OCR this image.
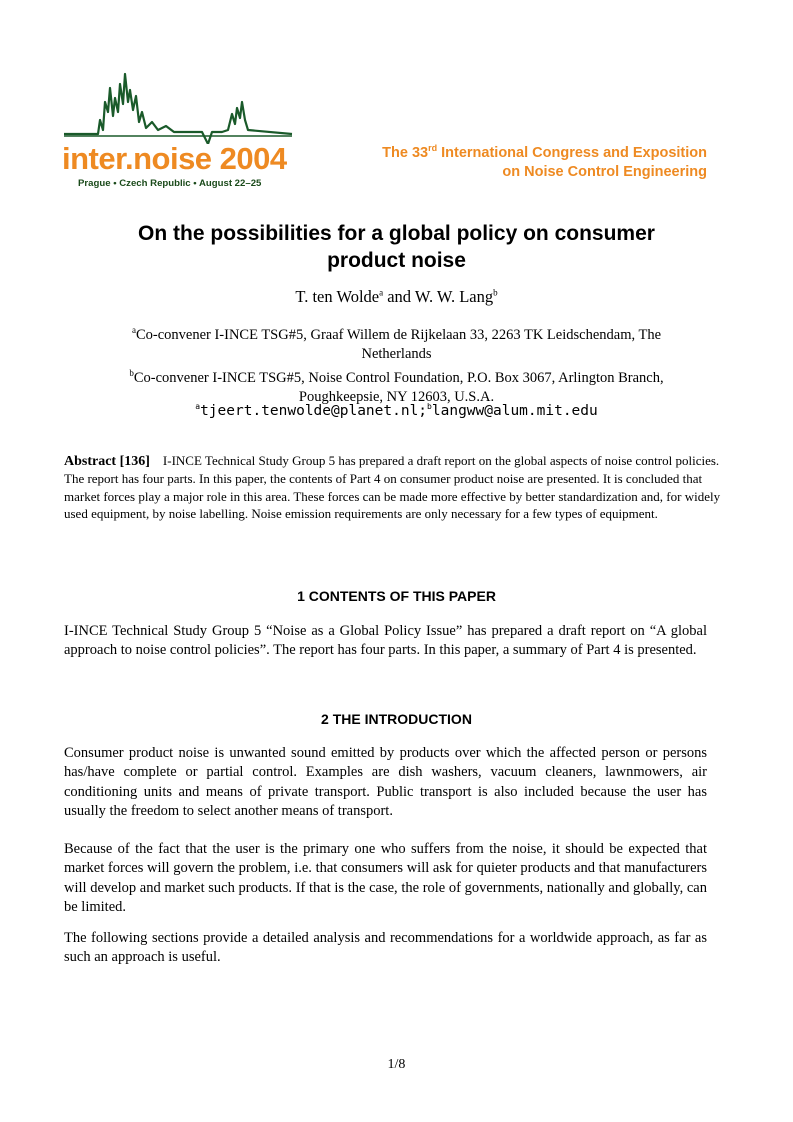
inter.noise 2004
Prague • Czech Republic • August 22–25
The 33rd International Congress and Exposition
on Noise Control Engineering
On the possibilities for a global policy on consumer
product noise
T. ten Wolde$^a$ and W. W. Lang$^b$
$^a$Co-convener I-INCE TSG#5, Graaf Willem de Rijkelaan 33, 2263 TK Leidschendam, The
Netherlands
$^b$Co-convener I-INCE TSG#5, Noise Control Foundation, P.O. Box 3067, Arlington Branch,
Poughkeepsie, NY 12603, U.S.A.
$^a$tjeert.tenwolde@planet.nl;$^b$langww@alum.mit.edu
Abstract [136] I-INCE Technical Study Group 5 has prepared a draft report on the global aspects of noise control policies. The report has four parts. In this paper, the contents of Part 4 on consumer product noise are presented. It is concluded that market forces play a major role in this area. These forces can be made more effective by better standardization and, for widely used equipment, by noise labelling. Noise emission requirements are only necessary for a few types of equipment.
1 CONTENTS OF THIS PAPER
I-INCE Technical Study Group 5 “Noise as a Global Policy Issue” has prepared a draft report on “A global approach to noise control policies”. The report has four parts. In this paper, a summary of Part 4 is presented.
2 THE INTRODUCTION
Consumer product noise is unwanted sound emitted by products over which the affected person or persons has/have complete or partial control. Examples are dish washers, vacuum cleaners, lawnmowers, air conditioning units and means of private transport. Public transport is also included because the user has usually the freedom to select another means of transport.
Because of the fact that the user is the primary one who suffers from the noise, it should be expected that market forces will govern the problem, i.e. that consumers will ask for quieter products and that manufacturers will develop and market such products. If that is the case, the role of governments, nationally and globally, can be limited.
The following sections provide a detailed analysis and recommendations for a worldwide approach, as far as such an approach is useful.
1/8
